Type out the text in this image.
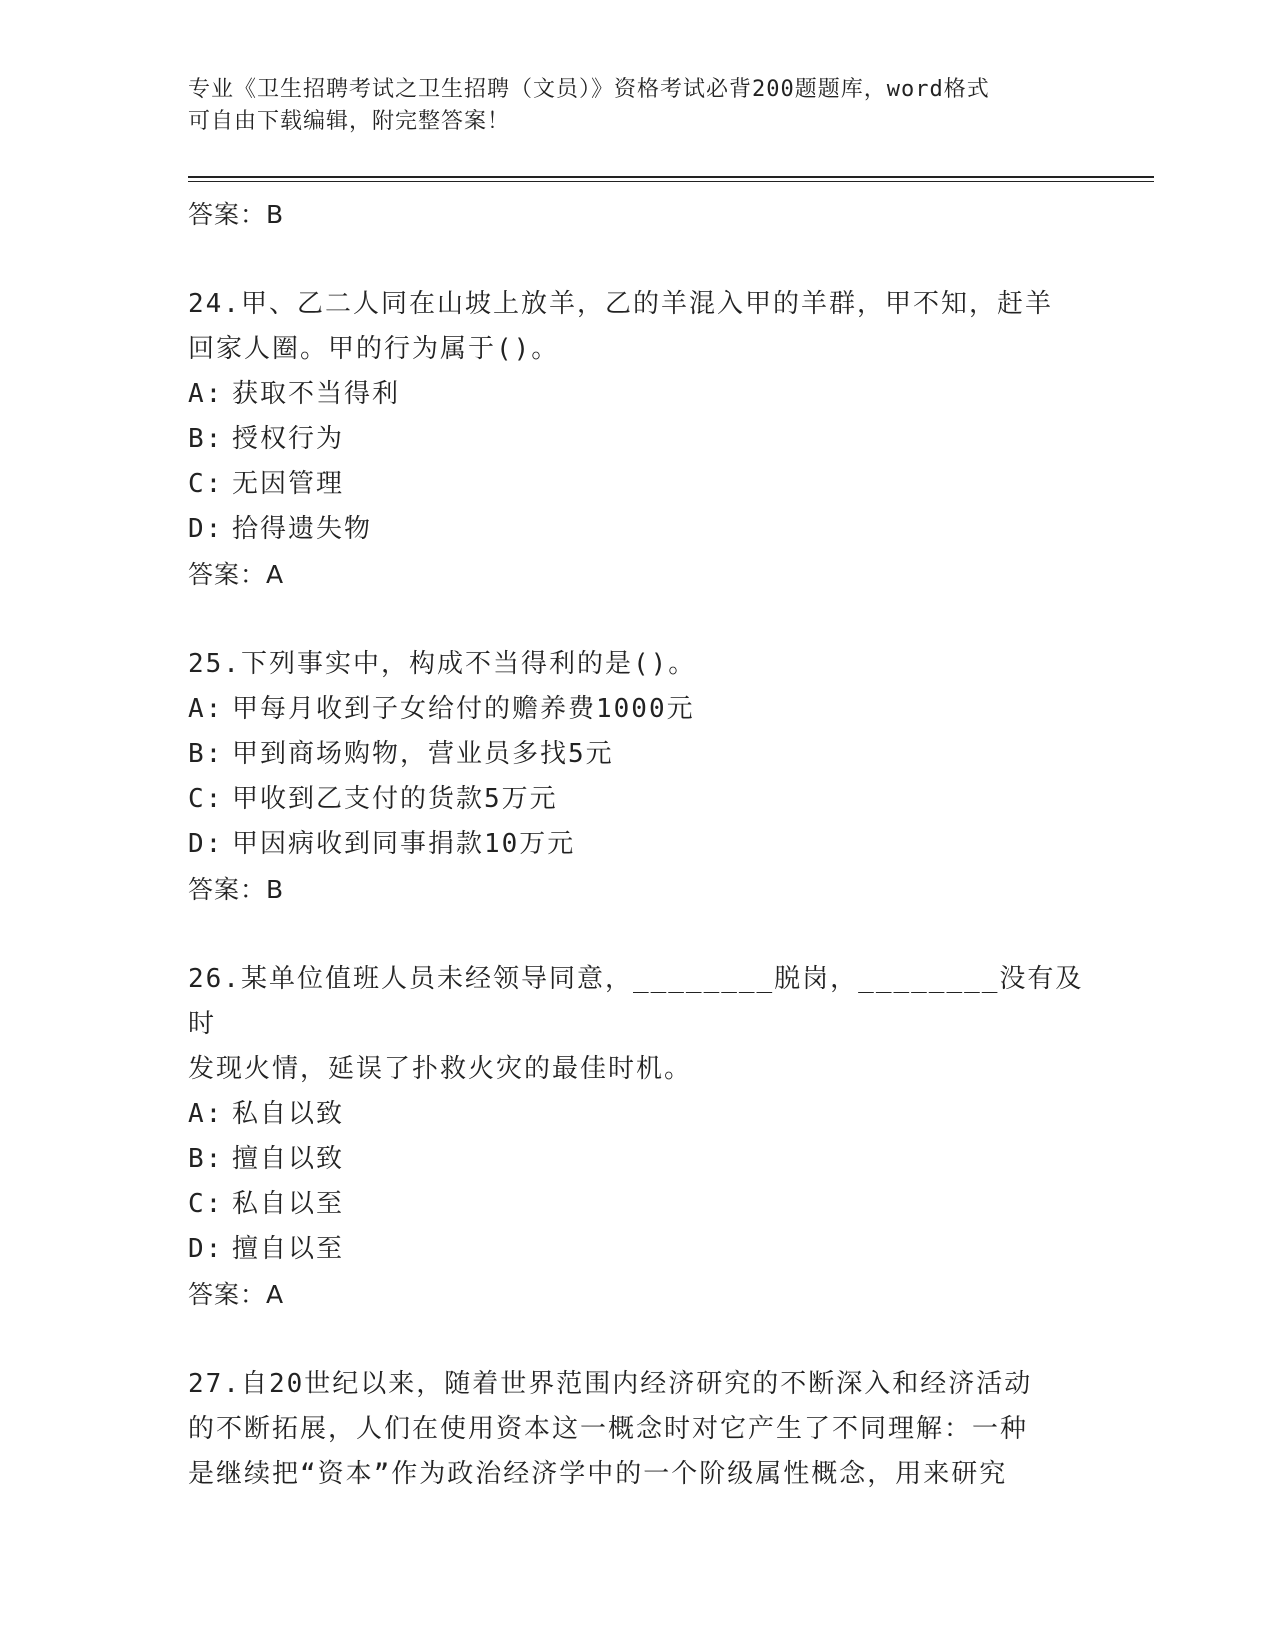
专业《卫生招聘考试之卫生招聘（文员）》资格考试必背200题题库，word格式
可自由下载编辑，附完整答案！
答案：B
24.甲、乙二人同在山坡上放羊，乙的羊混入甲的羊群，甲不知，赶羊
回家人圈。甲的行为属于()。
A: 获取不当得利
B: 授权行为
C: 无因管理
D: 拾得遗失物
答案：A
25.下列事实中，构成不当得利的是()。
A: 甲每月收到子女给付的赡养费1000元
B: 甲到商场购物，营业员多找5元
C: 甲收到乙支付的货款5万元
D: 甲因病收到同事捐款10万元
答案：B
26.某单位值班人员未经领导同意，________脱岗，________没有及时
发现火情，延误了扑救火灾的最佳时机。
A: 私自以致
B: 擅自以致
C: 私自以至
D: 擅自以至
答案：A
27.自20世纪以来，随着世界范围内经济研究的不断深入和经济活动
的不断拓展，人们在使用资本这一概念时对它产生了不同理解：一种
是继续把“资本”作为政治经济学中的一个阶级属性概念，用来研究
